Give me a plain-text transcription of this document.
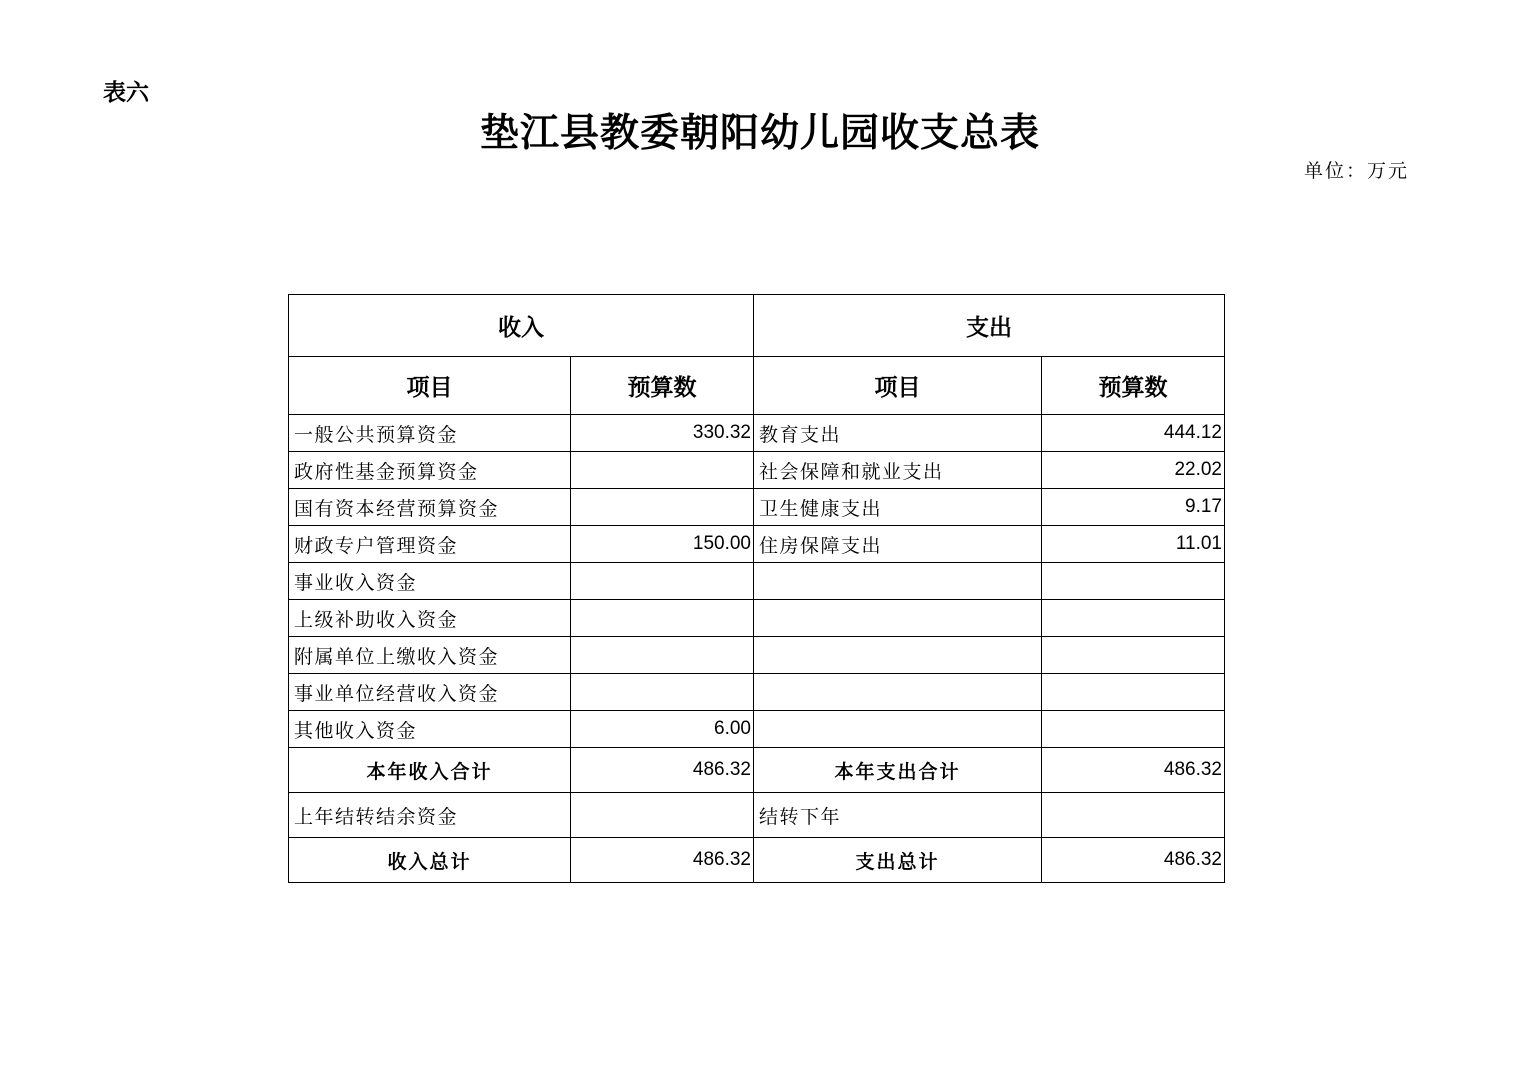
表六
垫江县教委朝阳幼儿园收支总表
单位：万元
收入		支出	
项目	预算数	项目	预算数
一般公共预算资金	330.32	教育支出	444.12
政府性基金预算资金		社会保障和就业支出	22.02
国有资本经营预算资金		卫生健康支出	9.17
财政专户管理资金	150.00	住房保障支出	11.01
事业收入资金			
上级补助收入资金			
附属单位上缴收入资金			
事业单位经营收入资金			
其他收入资金	6.00		
本年收入合计	486.32	本年支出合计	486.32
上年结转结余资金		结转下年	
收入总计	486.32	支出总计	486.32
